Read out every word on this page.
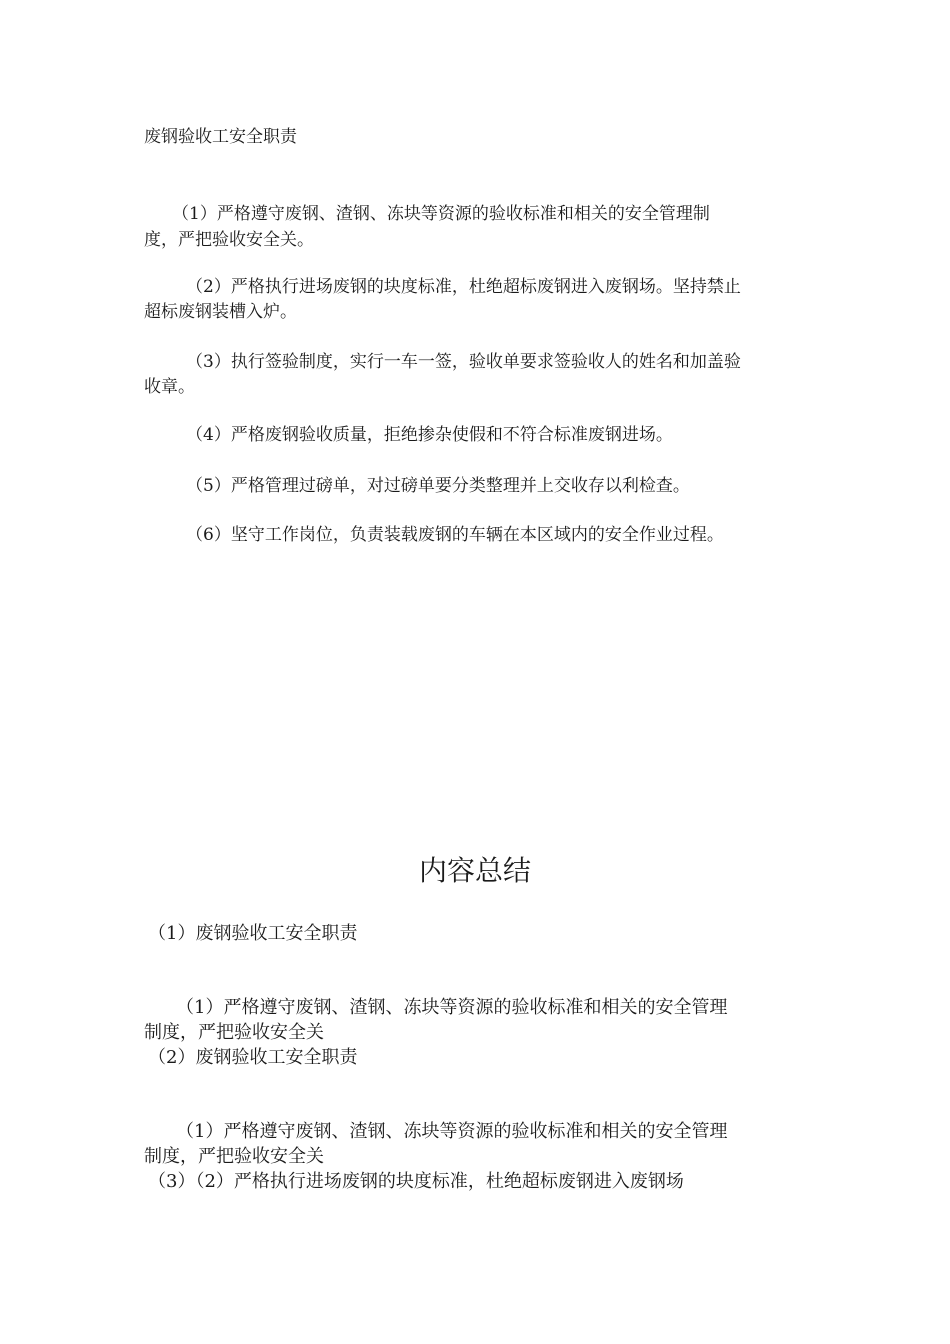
废钢验收工安全职责

（1）严格遵守废钢、渣钢、冻块等资源的验收标准和相关的安全管理制

度，严把验收安全关。

（2）严格执行进场废钢的块度标准，杜绝超标废钢进入废钢场。坚持禁止

超标废钢装槽入炉。

（3）执行签验制度，实行一车一签，验收单要求签验收人的姓名和加盖验

收章。

（4）严格废钢验收质量，拒绝掺杂使假和不符合标准废钢进场。

（5）严格管理过磅单，对过磅单要分类整理并上交收存以利检查。

（6）坚守工作岗位，负责装载废钢的车辆在本区域内的安全作业过程。

内容总结

（1）废钢验收工安全职责

（1）严格遵守废钢、渣钢、冻块等资源的验收标准和相关的安全管理

制度，严把验收安全关

（2）废钢验收工安全职责

（1）严格遵守废钢、渣钢、冻块等资源的验收标准和相关的安全管理

制度，严把验收安全关

（3）（2）严格执行进场废钢的块度标准，杜绝超标废钢进入废钢场
